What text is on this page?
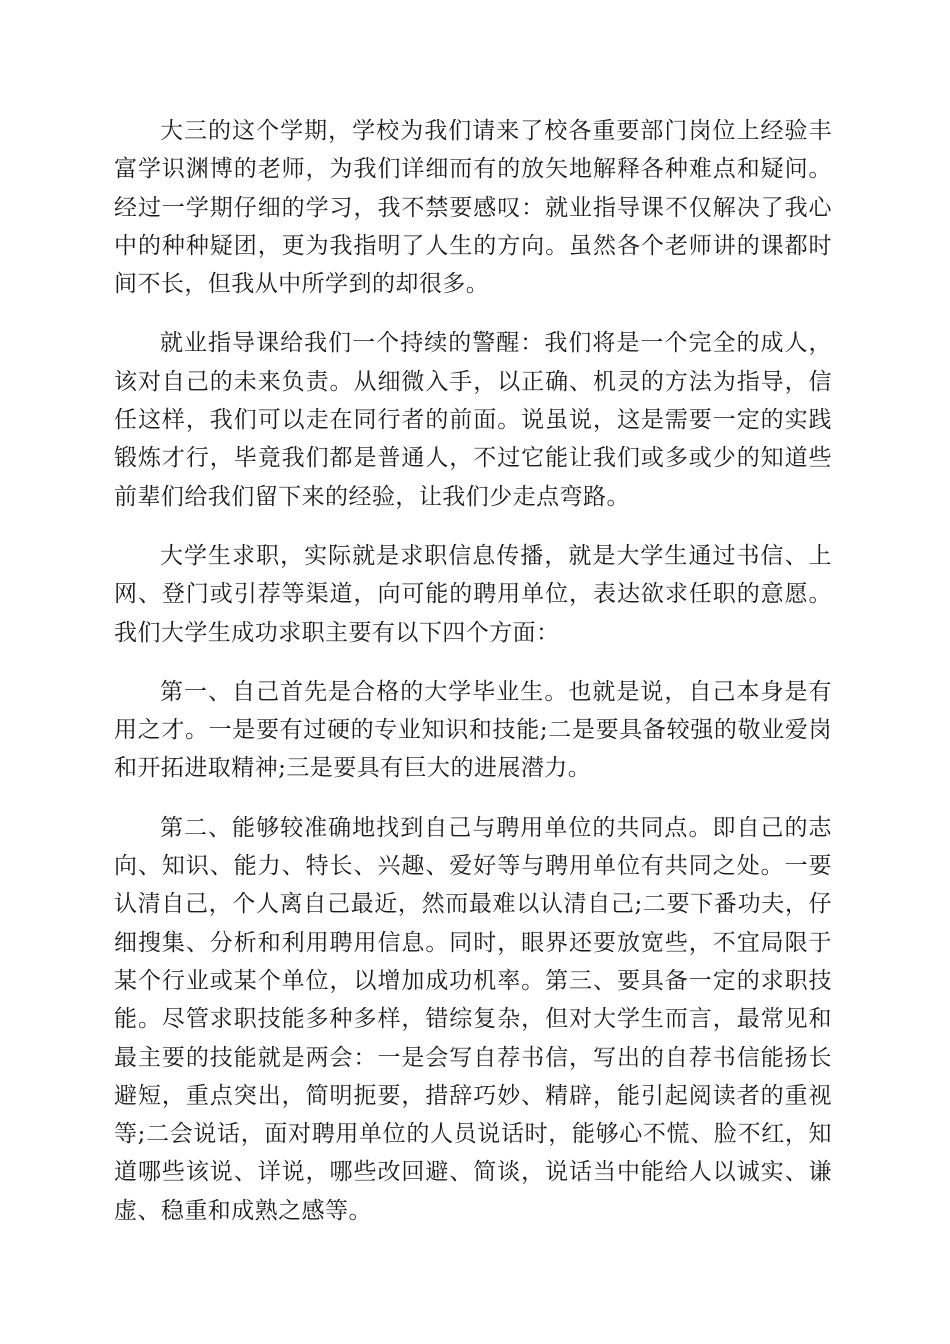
大三的这个学期，学校为我们请来了校各重要部门岗位上经验丰富学识渊博的老师，为我们详细而有的放矢地解释各种难点和疑问。经过一学期仔细的学习，我不禁要感叹：就业指导课不仅解决了我心中的种种疑团，更为我指明了人生的方向。虽然各个老师讲的课都时间不长，但我从中所学到的却很多。

就业指导课给我们一个持续的警醒：我们将是一个完全的成人，该对自己的未来负责。从细微入手，以正确、机灵的方法为指导，信任这样，我们可以走在同行者的前面。说虽说，这是需要一定的实践锻炼才行，毕竟我们都是普通人，不过它能让我们或多或少的知道些前辈们给我们留下来的经验，让我们少走点弯路。

大学生求职，实际就是求职信息传播，就是大学生通过书信、上网、登门或引荐等渠道，向可能的聘用单位，表达欲求任职的意愿。我们大学生成功求职主要有以下四个方面：

第一、自己首先是合格的大学毕业生。也就是说，自己本身是有用之才。一是要有过硬的专业知识和技能;二是要具备较强的敬业爱岗和开拓进取精神;三是要具有巨大的进展潜力。

第二、能够较准确地找到自己与聘用单位的共同点。即自己的志向、知识、能力、特长、兴趣、爱好等与聘用单位有共同之处。一要认清自己，个人离自己最近，然而最难以认清自己;二要下番功夫，仔细搜集、分析和利用聘用信息。同时，眼界还要放宽些，不宜局限于某个行业或某个单位，以增加成功机率。第三、要具备一定的求职技能。尽管求职技能多种多样，错综复杂，但对大学生而言，最常见和最主要的技能就是两会：一是会写自荐书信，写出的自荐书信能扬长避短，重点突出，简明扼要，措辞巧妙、精辟，能引起阅读者的重视等;二会说话，面对聘用单位的人员说话时，能够心不慌、脸不红，知道哪些该说、详说，哪些改回避、简谈，说话当中能给人以诚实、谦虚、稳重和成熟之感等。
